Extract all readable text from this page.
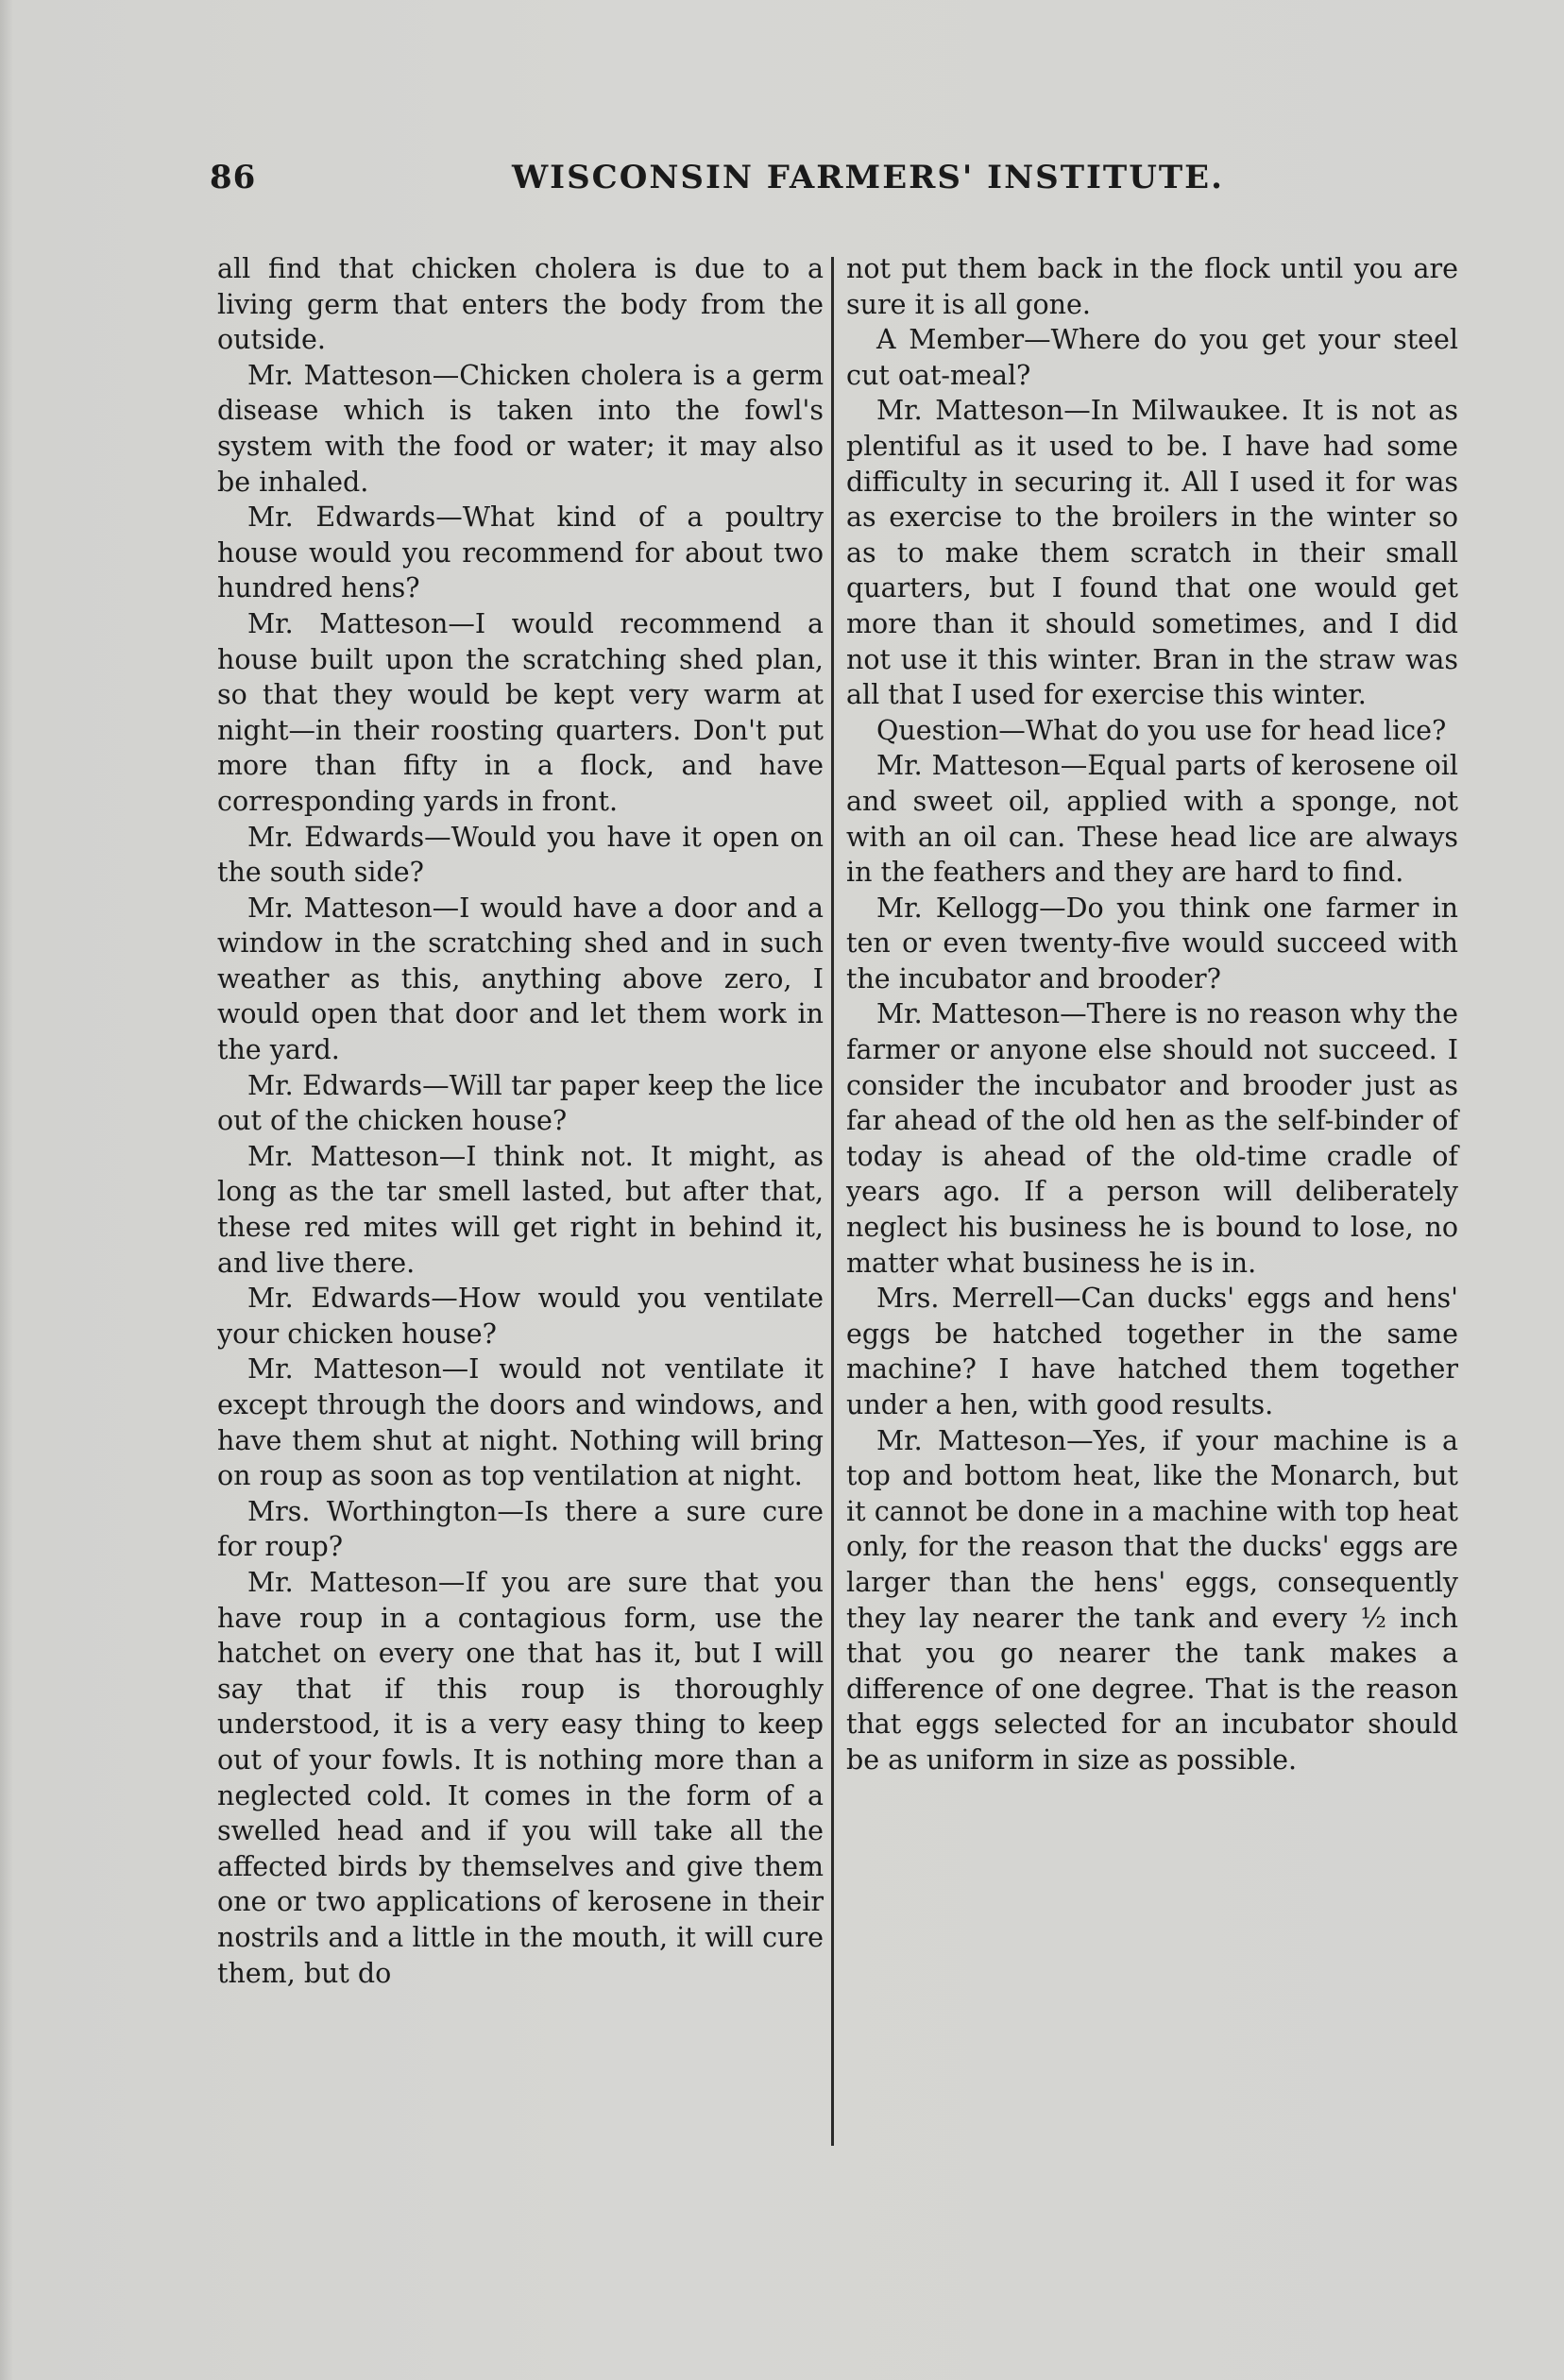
86	WISCONSIN FARMERS' INSTITUTE.

all find that chicken cholera is due to a living germ that enters the body from the outside.

Mr. Matteson—Chicken cholera is a germ disease which is taken into the fowl's system with the food or water; it may also be inhaled.

Mr. Edwards—What kind of a poultry house would you recommend for about two hundred hens?

Mr. Matteson—I would recommend a house built upon the scratching shed plan, so that they would be kept very warm at night—in their roosting quarters. Don't put more than fifty in a flock, and have corresponding yards in front.

Mr. Edwards—Would you have it open on the south side?

Mr. Matteson—I would have a door and a window in the scratching shed and in such weather as this, anything above zero, I would open that door and let them work in the yard.

Mr. Edwards—Will tar paper keep the lice out of the chicken house?

Mr. Matteson—I think not. It might, as long as the tar smell lasted, but after that, these red mites will get right in behind it, and live there.

Mr. Edwards—How would you ventilate your chicken house?

Mr. Matteson—I would not ventilate it except through the doors and windows, and have them shut at night. Nothing will bring on roup as soon as top ventilation at night.

Mrs. Worthington—Is there a sure cure for roup?

Mr. Matteson—If you are sure that you have roup in a contagious form, use the hatchet on every one that has it, but I will say that if this roup is thoroughly understood, it is a very easy thing to keep out of your fowls. It is nothing more than a neglected cold. It comes in the form of a swelled head and if you will take all the affected birds by themselves and give them one or two applications of kerosene in their nostrils and a little in the mouth, it will cure them, but do

not put them back in the flock until you are sure it is all gone.

A Member—Where do you get your steel cut oat-meal?

Mr. Matteson—In Milwaukee. It is not as plentiful as it used to be. I have had some difficulty in securing it. All I used it for was as exercise to the broilers in the winter so as to make them scratch in their small quarters, but I found that one would get more than it should sometimes, and I did not use it this winter. Bran in the straw was all that I used for exercise this winter.

Question—What do you use for head lice?

Mr. Matteson—Equal parts of kerosene oil and sweet oil, applied with a sponge, not with an oil can. These head lice are always in the feathers and they are hard to find.

Mr. Kellogg—Do you think one farmer in ten or even twenty-five would succeed with the incubator and brooder?

Mr. Matteson—There is no reason why the farmer or anyone else should not succeed. I consider the incubator and brooder just as far ahead of the old hen as the self-binder of today is ahead of the old-time cradle of years ago. If a person will deliberately neglect his business he is bound to lose, no matter what business he is in.

Mrs. Merrell—Can ducks' eggs and hens' eggs be hatched together in the same machine? I have hatched them together under a hen, with good results.

Mr. Matteson—Yes, if your machine is a top and bottom heat, like the Monarch, but it cannot be done in a machine with top heat only, for the reason that the ducks' eggs are larger than the hens' eggs, consequently they lay nearer the tank and every ½ inch that you go nearer the tank makes a difference of one degree. That is the reason that eggs selected for an incubator should be as uniform in size as possible.
